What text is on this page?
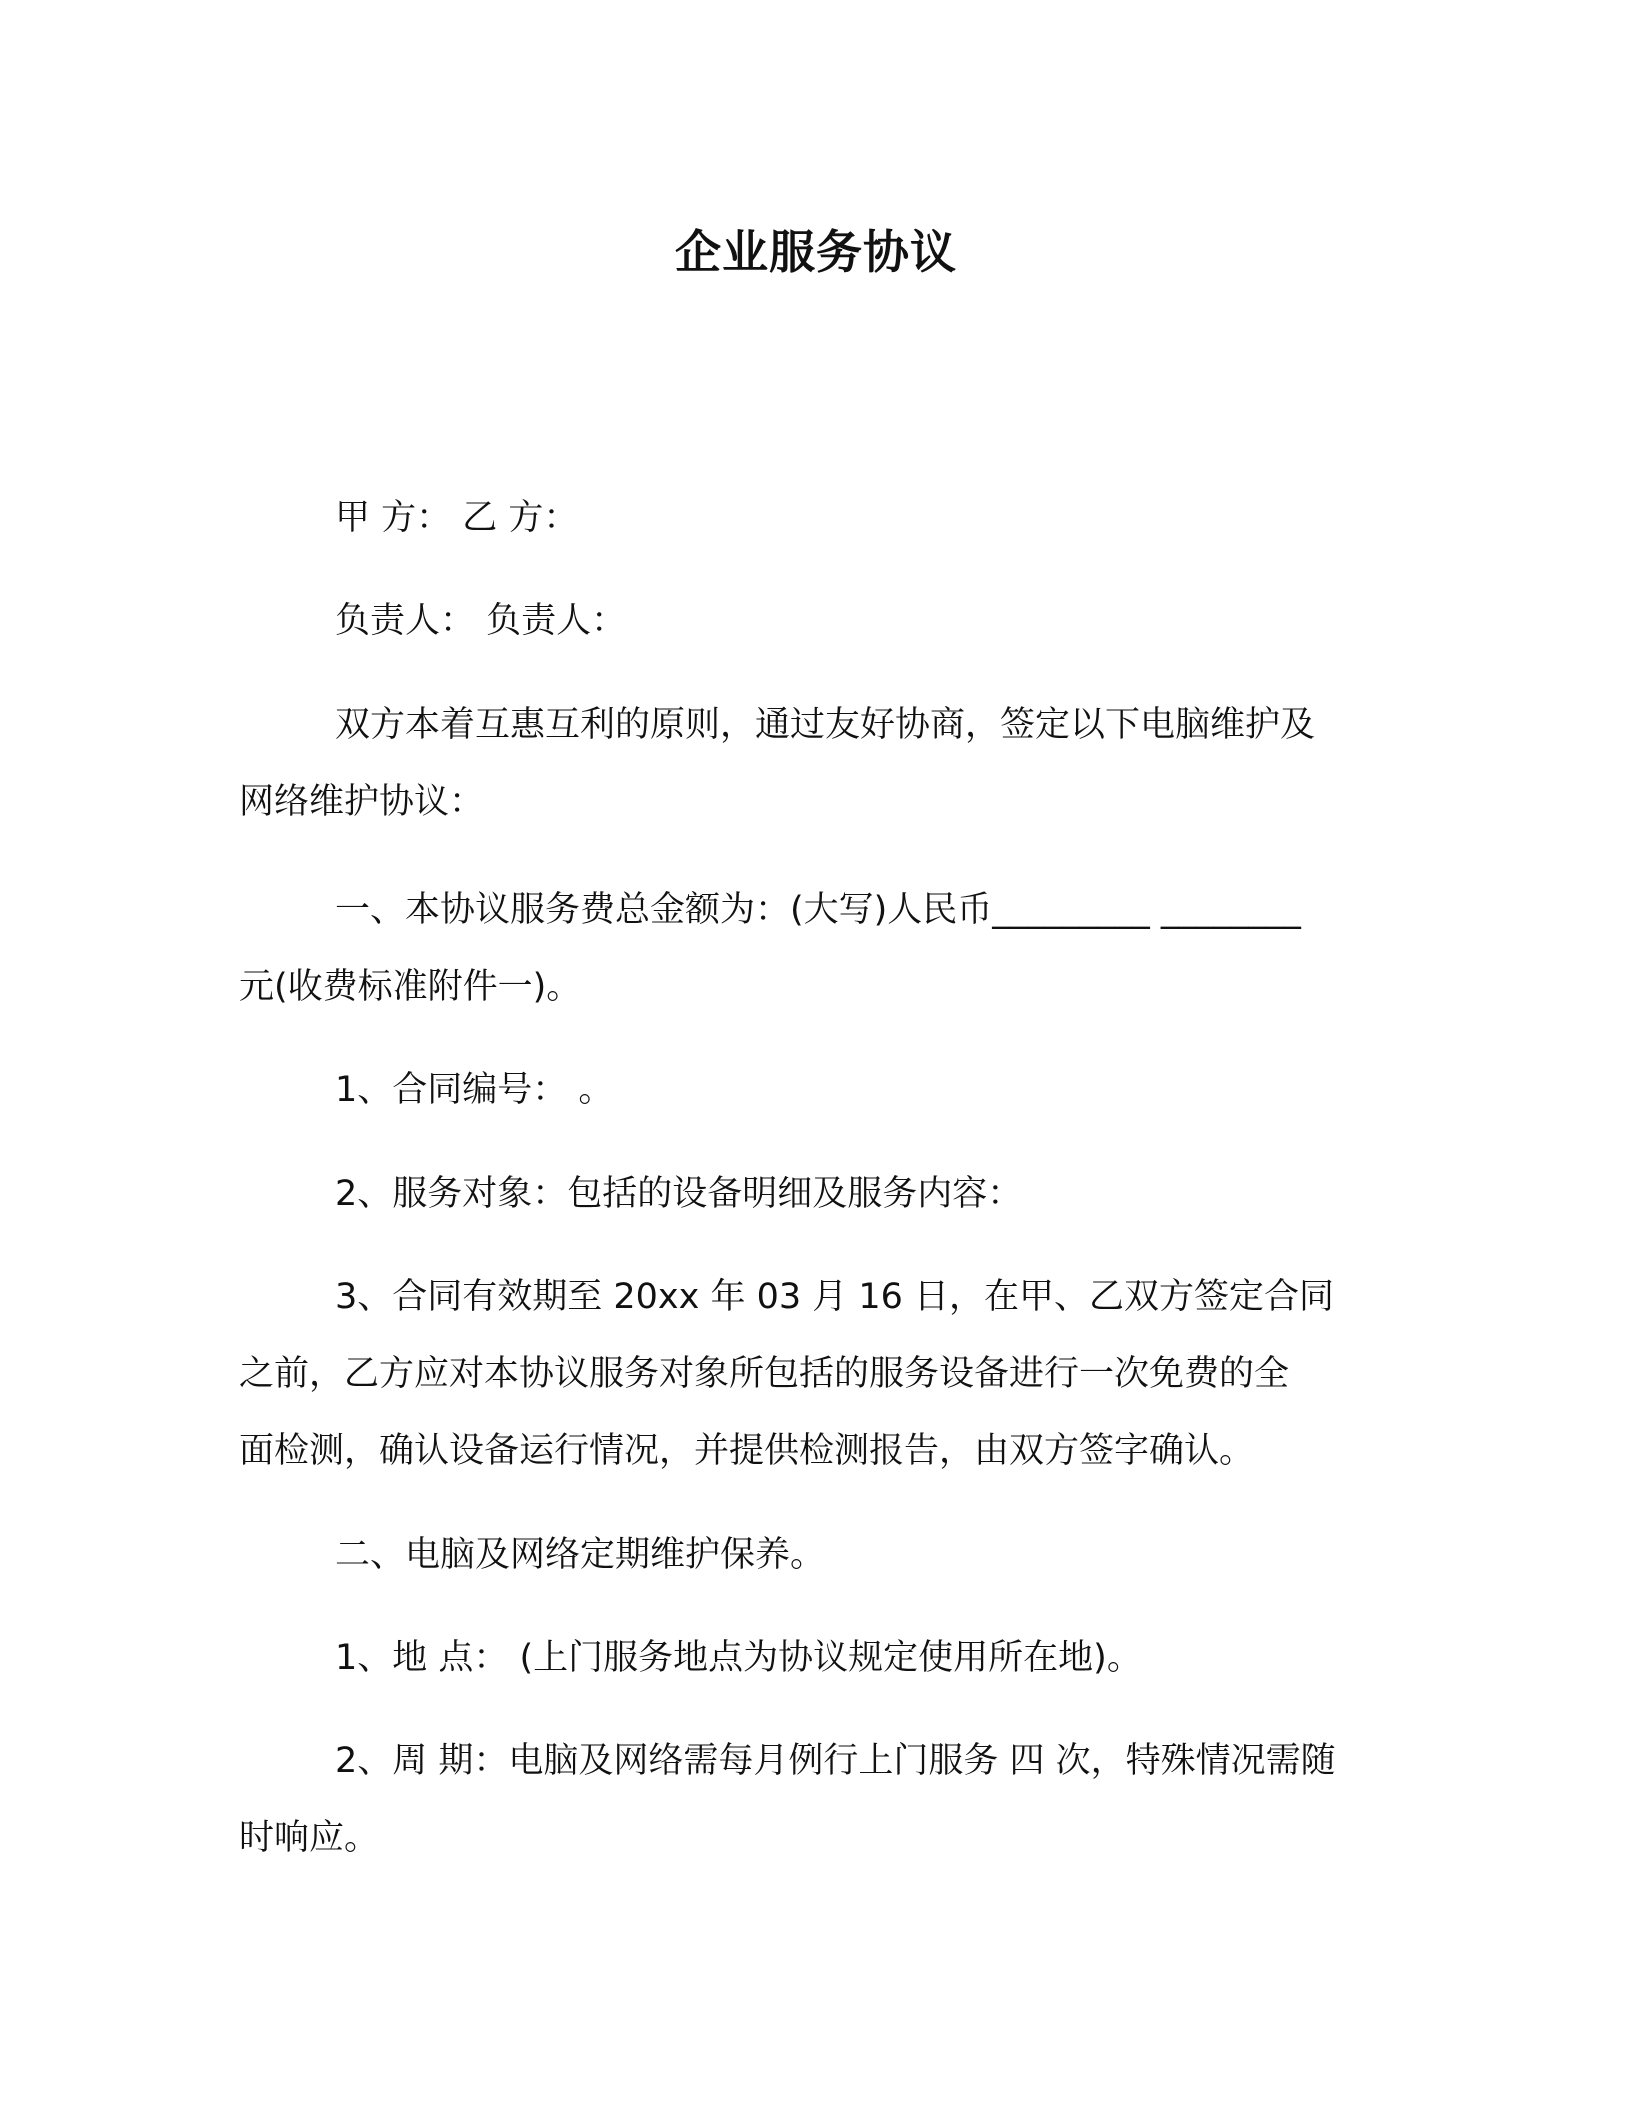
企业服务协议
甲 方： 乙 方：
负责人： 负责人：
双方本着互惠互利的原则，通过友好协商，签定以下电脑维护及
网络维护协议：
一、本协议服务费总金额为：(大写)人民币_________ ________
元(收费标准附件一)。
1、合同编号： 。
2、服务对象：包括的设备明细及服务内容：
3、合同有效期至 20xx 年 03 月 16 日，在甲、乙双方签定合同
之前，乙方应对本协议服务对象所包括的服务设备进行一次免费的全
面检测，确认设备运行情况，并提供检测报告，由双方签字确认。
二、电脑及网络定期维护保养。
1、地 点： (上门服务地点为协议规定使用所在地)。
2、周 期：电脑及网络需每月例行上门服务 四 次，特殊情况需随
时响应。
